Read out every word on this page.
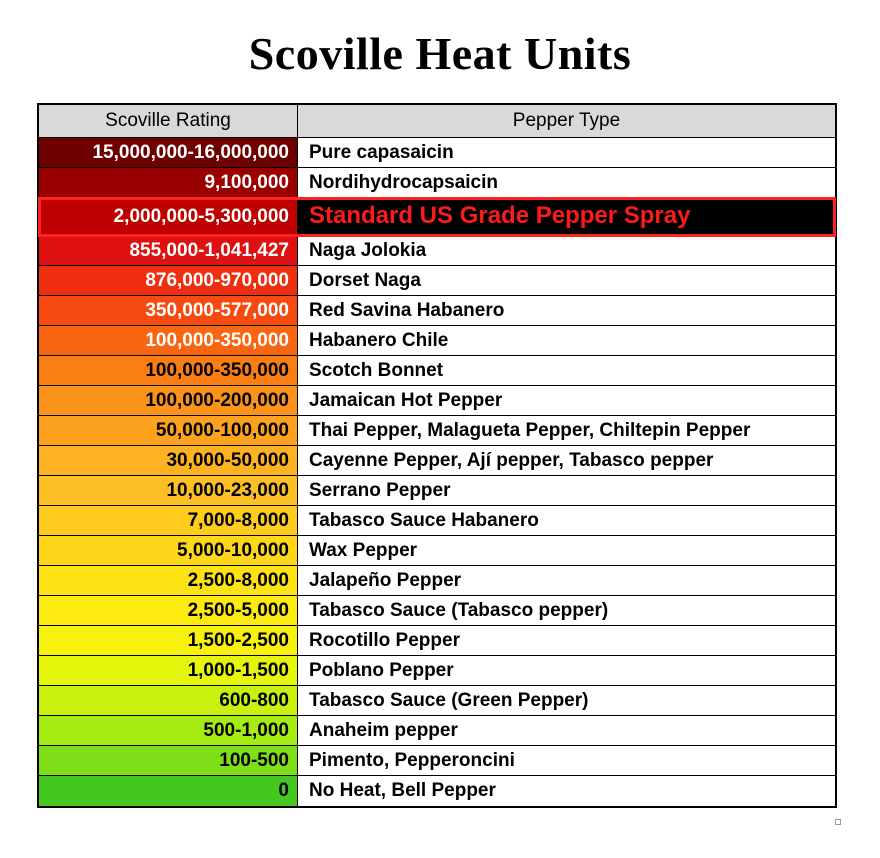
Scoville Heat Units
Scoville Rating	Pepper Type
15,000,000-16,000,000	Pure capasaicin
9,100,000	Nordihydrocapsaicin
2,000,000-5,300,000 Standard US Grade Pepper Spray
855,000-1,041,427	Naga Jolokia
876,000-970,000	Dorset Naga
350,000-577,000	Red Savina Habanero
100,000-350,000	Habanero Chile
100,000-350,000	Scotch Bonnet
100,000-200,000	Jamaican Hot Pepper
50,000-100,000	Thai Pepper, Malagueta Pepper, Chiltepin Pepper
30,000-50,000	Cayenne Pepper, Ají pepper, Tabasco pepper
10,000-23,000	Serrano Pepper
7,000-8,000	Tabasco Sauce Habanero
5,000-10,000	Wax Pepper
2,500-8,000	Jalapeño Pepper
2,500-5,000	Tabasco Sauce (Tabasco pepper)
1,500-2,500	Rocotillo Pepper
1,000-1,500	Poblano Pepper
600-800	Tabasco Sauce (Green Pepper)
500-1,000	Anaheim pepper
100-500	Pimento, Pepperoncini
0	No Heat, Bell Pepper
